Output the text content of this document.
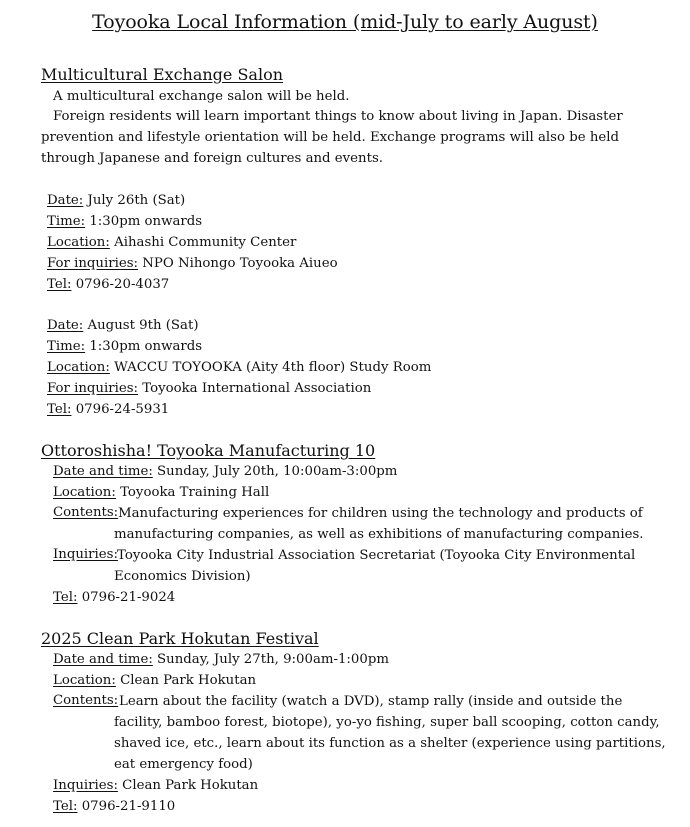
Toyooka Local Information (mid-July to early August)
Multicultural Exchange Salon
A multicultural exchange salon will be held.
Foreign residents will learn important things to know about living in Japan. Disaster prevention and lifestyle orientation will be held. Exchange programs will also be held through Japanese and foreign cultures and events.
Date: July 26th (Sat)
Time: 1:30pm onwards
Location: Aihashi Community Center
For inquiries: NPO Nihongo Toyooka Aiueo
Tel: 0796-20-4037
Date: August 9th (Sat)
Time: 1:30pm onwards
Location: WACCU TOYOOKA (Aity 4th floor) Study Room
For inquiries: Toyooka International Association
Tel: 0796-24-5931
Ottoroshisha! Toyooka Manufacturing 10
Date and time: Sunday, July 20th, 10:00am-3:00pm
Location: Toyooka Training Hall
Contents: Manufacturing experiences for children using the technology and products of
manufacturing companies, as well as exhibitions of manufacturing companies.
Inquiries: Toyooka City Industrial Association Secretariat (Toyooka City Environmental
Economics Division)
Tel: 0796-21-9024
2025 Clean Park Hokutan Festival
Date and time: Sunday, July 27th, 9:00am-1:00pm
Location: Clean Park Hokutan
Contents: Learn about the facility (watch a DVD), stamp rally (inside and outside the
facility, bamboo forest, biotope), yo-yo fishing, super ball scooping, cotton candy,
shaved ice, etc., learn about its function as a shelter (experience using partitions,
eat emergency food)
Inquiries: Clean Park Hokutan
Tel: 0796-21-9110
